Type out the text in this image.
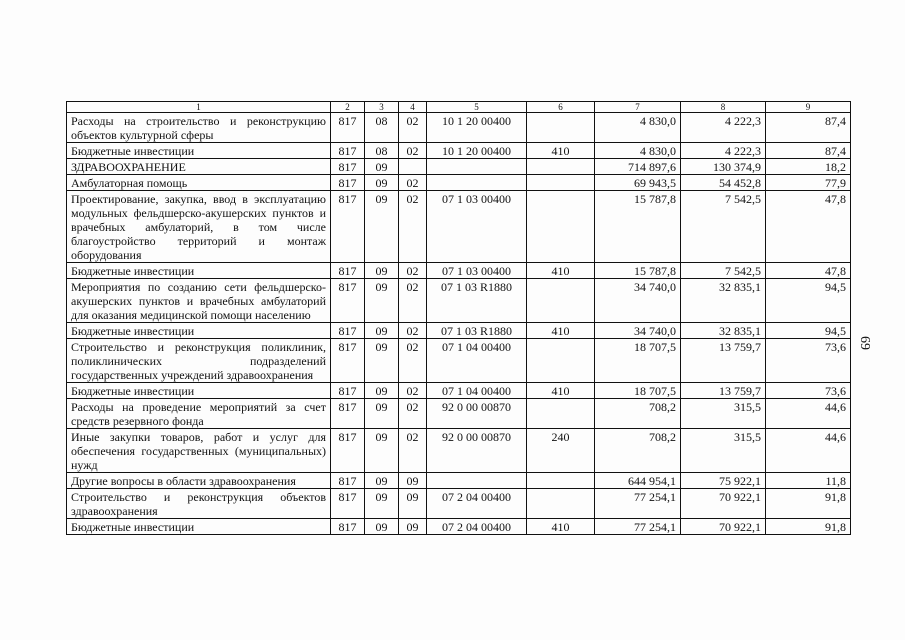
1	2	3	4	5	6	7	8	9
Расходы на строительство и реконструкцию объектов культурной сферы	817	08	02	10 1 20 00400		4 830,0	4 222,3	87,4
Бюджетные инвестиции	817	08	02	10 1 20 00400	410	4 830,0	4 222,3	87,4
ЗДРАВООХРАНЕНИЕ	817	09				714 897,6	130 374,9	18,2
Амбулаторная помощь	817	09	02			69 943,5	54 452,8	77,9
Проектирование, закупка, ввод в эксплуатацию модульных фельдшерско-акушерских пунктов и врачебных амбулаторий, в том числе благоустройство территорий и монтаж оборудования	817	09	02	07 1 03 00400		15 787,8	7 542,5	47,8
Бюджетные инвестиции	817	09	02	07 1 03 00400	410	15 787,8	7 542,5	47,8
Мероприятия по созданию сети фельдшерско-акушерских пунктов и врачебных амбулаторий для оказания медицинской помощи населению	817	09	02	07 1 03 R1880		34 740,0	32 835,1	94,5
Бюджетные инвестиции	817	09	02	07 1 03 R1880	410	34 740,0	32 835,1	94,5
Строительство и реконструкция поликлиник, поликлинических подразделений государственных учреждений здравоохранения	817	09	02	07 1 04 00400		18 707,5	13 759,7	73,6
Бюджетные инвестиции	817	09	02	07 1 04 00400	410	18 707,5	13 759,7	73,6
Расходы на проведение мероприятий за счет средств резервного фонда	817	09	02	92 0 00 00870		708,2	315,5	44,6
Иные закупки товаров, работ и услуг для обеспечения государственных (муниципальных) нужд	817	09	02	92 0 00 00870	240	708,2	315,5	44,6
Другие вопросы в области здравоохранения	817	09	09			644 954,1	75 922,1	11,8
Строительство и реконструкция объектов здравоохранения	817	09	09	07 2 04 00400		77 254,1	70 922,1	91,8
Бюджетные инвестиции	817	09	09	07 2 04 00400	410	77 254,1	70 922,1	91,8
69
